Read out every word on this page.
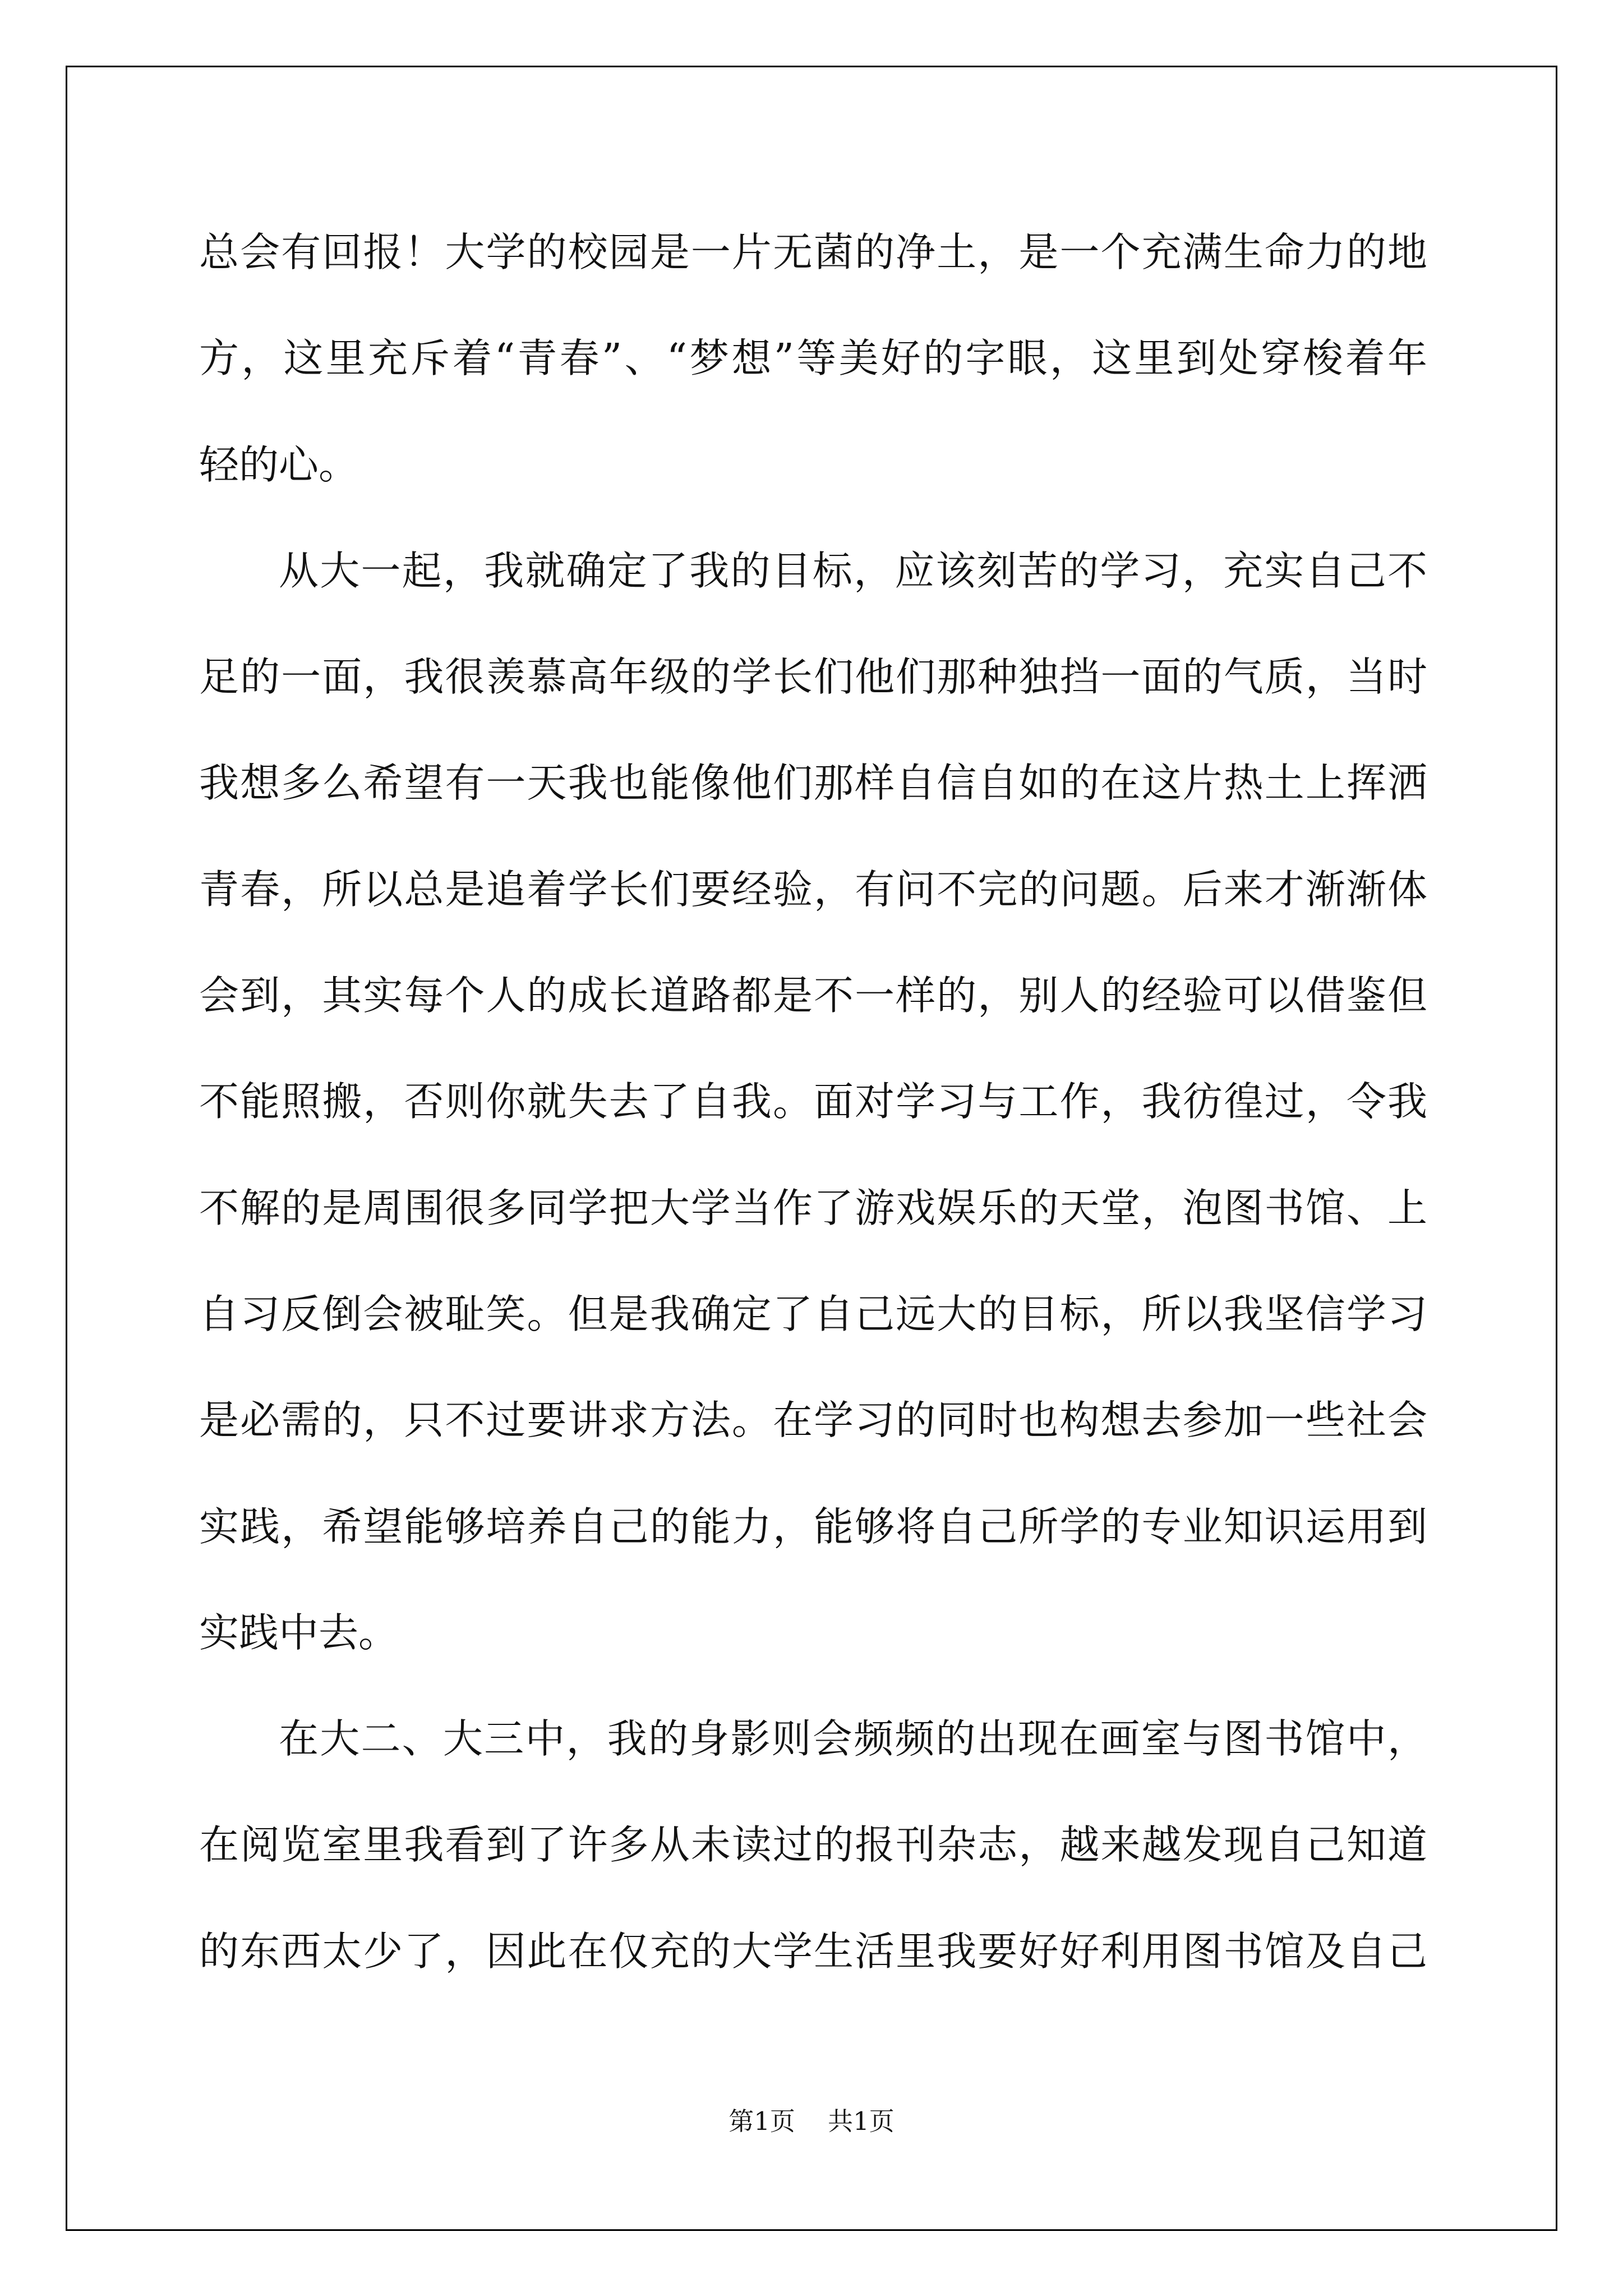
总会有回报！大学的校园是一片无菌的净土，是一个充满生命力的地
方，这里充斥着“青春”、“梦想”等美好的字眼，这里到处穿梭着年
轻的心。

从大一起，我就确定了我的目标，应该刻苦的学习，充实自己不
足的一面，我很羡慕高年级的学长们他们那种独挡一面的气质，当时
我想多么希望有一天我也能像他们那样自信自如的在这片热土上挥洒
青春，所以总是追着学长们要经验，有问不完的问题。后来才渐渐体
会到，其实每个人的成长道路都是不一样的，别人的经验可以借鉴但
不能照搬，否则你就失去了自我。面对学习与工作，我彷徨过，令我
不解的是周围很多同学把大学当作了游戏娱乐的天堂，泡图书馆、上
自习反倒会被耻笑。但是我确定了自己远大的目标，所以我坚信学习
是必需的，只不过要讲求方法。在学习的同时也构想去参加一些社会
实践，希望能够培养自己的能力，能够将自己所学的专业知识运用到
实践中去。

在大二、大三中，我的身影则会频频的出现在画室与图书馆中，
在阅览室里我看到了许多从未读过的报刊杂志，越来越发现自己知道
的东西太少了，因此在仅充的大学生活里我要好好利用图书馆及自己

第1页 共1页
